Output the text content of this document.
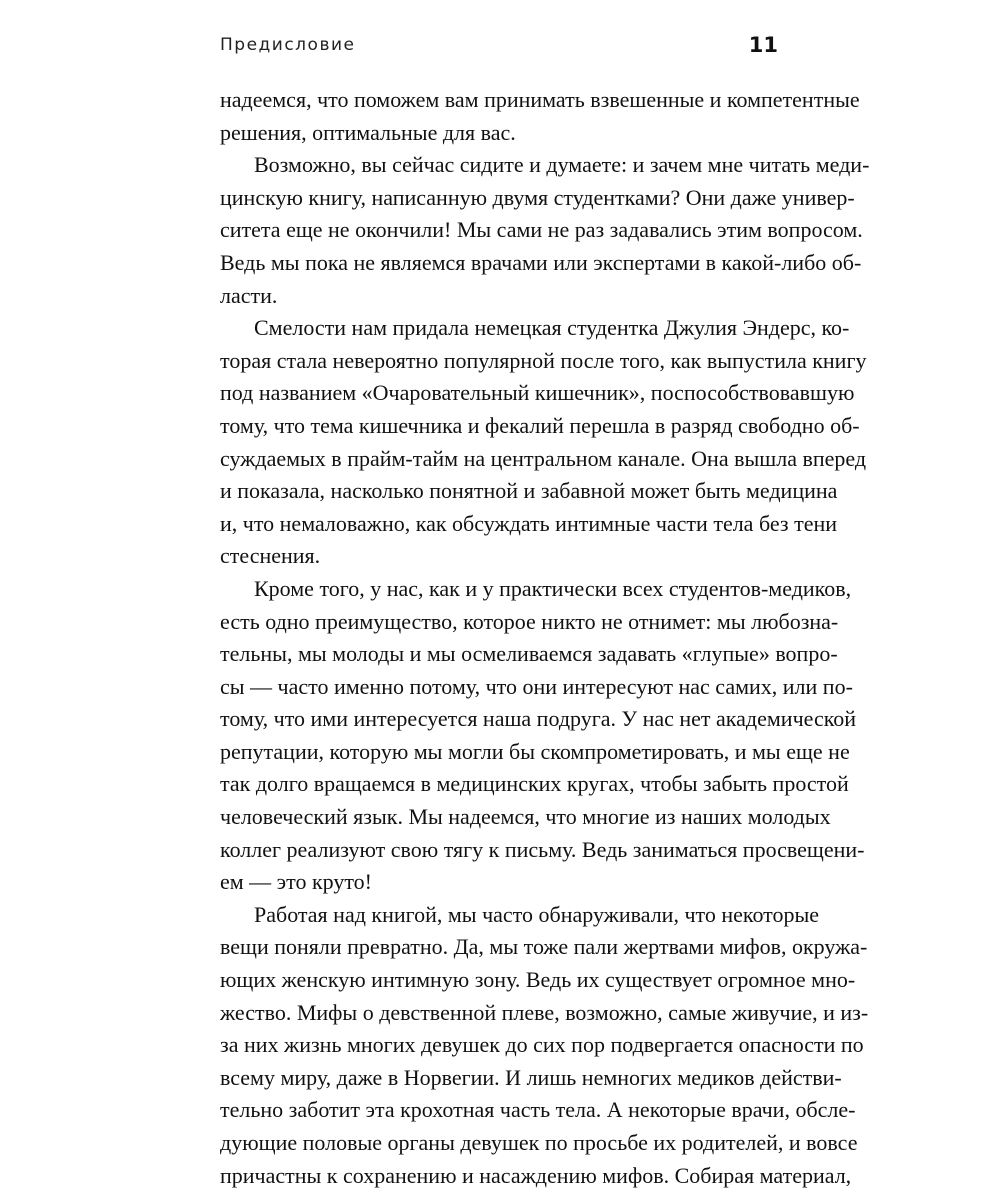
Предисловие	11

надеемся, что поможем вам принимать взвешенные и компетентные
решения, оптимальные для вас.

Возможно, вы сейчас сидите и думаете: и зачем мне читать меди-
цинскую книгу, написанную двумя студентками? Они даже универ-
ситета еще не окончили! Мы сами не раз задавались этим вопросом.
Ведь мы пока не являемся врачами или экспертами в какой-либо об-
ласти.

Смелости нам придала немецкая студентка Джулия Эндерс, ко-
торая стала невероятно популярной после того, как выпустила книгу
под названием «Очаровательный кишечник», поспособствовавшую
тому, что тема кишечника и фекалий перешла в разряд свободно об-
суждаемых в прайм-тайм на центральном канале. Она вышла вперед
и показала, насколько понятной и забавной может быть медицина
и, что немаловажно, как обсуждать интимные части тела без тени
стеснения.

Кроме того, у нас, как и у практически всех студентов-медиков,
есть одно преимущество, которое никто не отнимет: мы любозна-
тельны, мы молоды и мы осмеливаемся задавать «глупые» вопро-
сы — часто именно потому, что они интересуют нас самих, или по-
тому, что ими интересуется наша подруга. У нас нет академической
репутации, которую мы могли бы скомпрометировать, и мы еще не
так долго вращаемся в медицинских кругах, чтобы забыть простой
человеческий язык. Мы надеемся, что многие из наших молодых
коллег реализуют свою тягу к письму. Ведь заниматься просвещени-
ем — это круто!

Работая над книгой, мы часто обнаруживали, что некоторые
вещи поняли превратно. Да, мы тоже пали жертвами мифов, окружа-
ющих женскую интимную зону. Ведь их существует огромное мно-
жество. Мифы о девственной плеве, возможно, самые живучие, и из-
за них жизнь многих девушек до сих пор подвергается опасности по
всему миру, даже в Норвегии. И лишь немногих медиков действи-
тельно заботит эта крохотная часть тела. А некоторые врачи, обсле-
дующие половые органы девушек по просьбе их родителей, и вовсе
причастны к сохранению и насаждению мифов. Собирая материал,
